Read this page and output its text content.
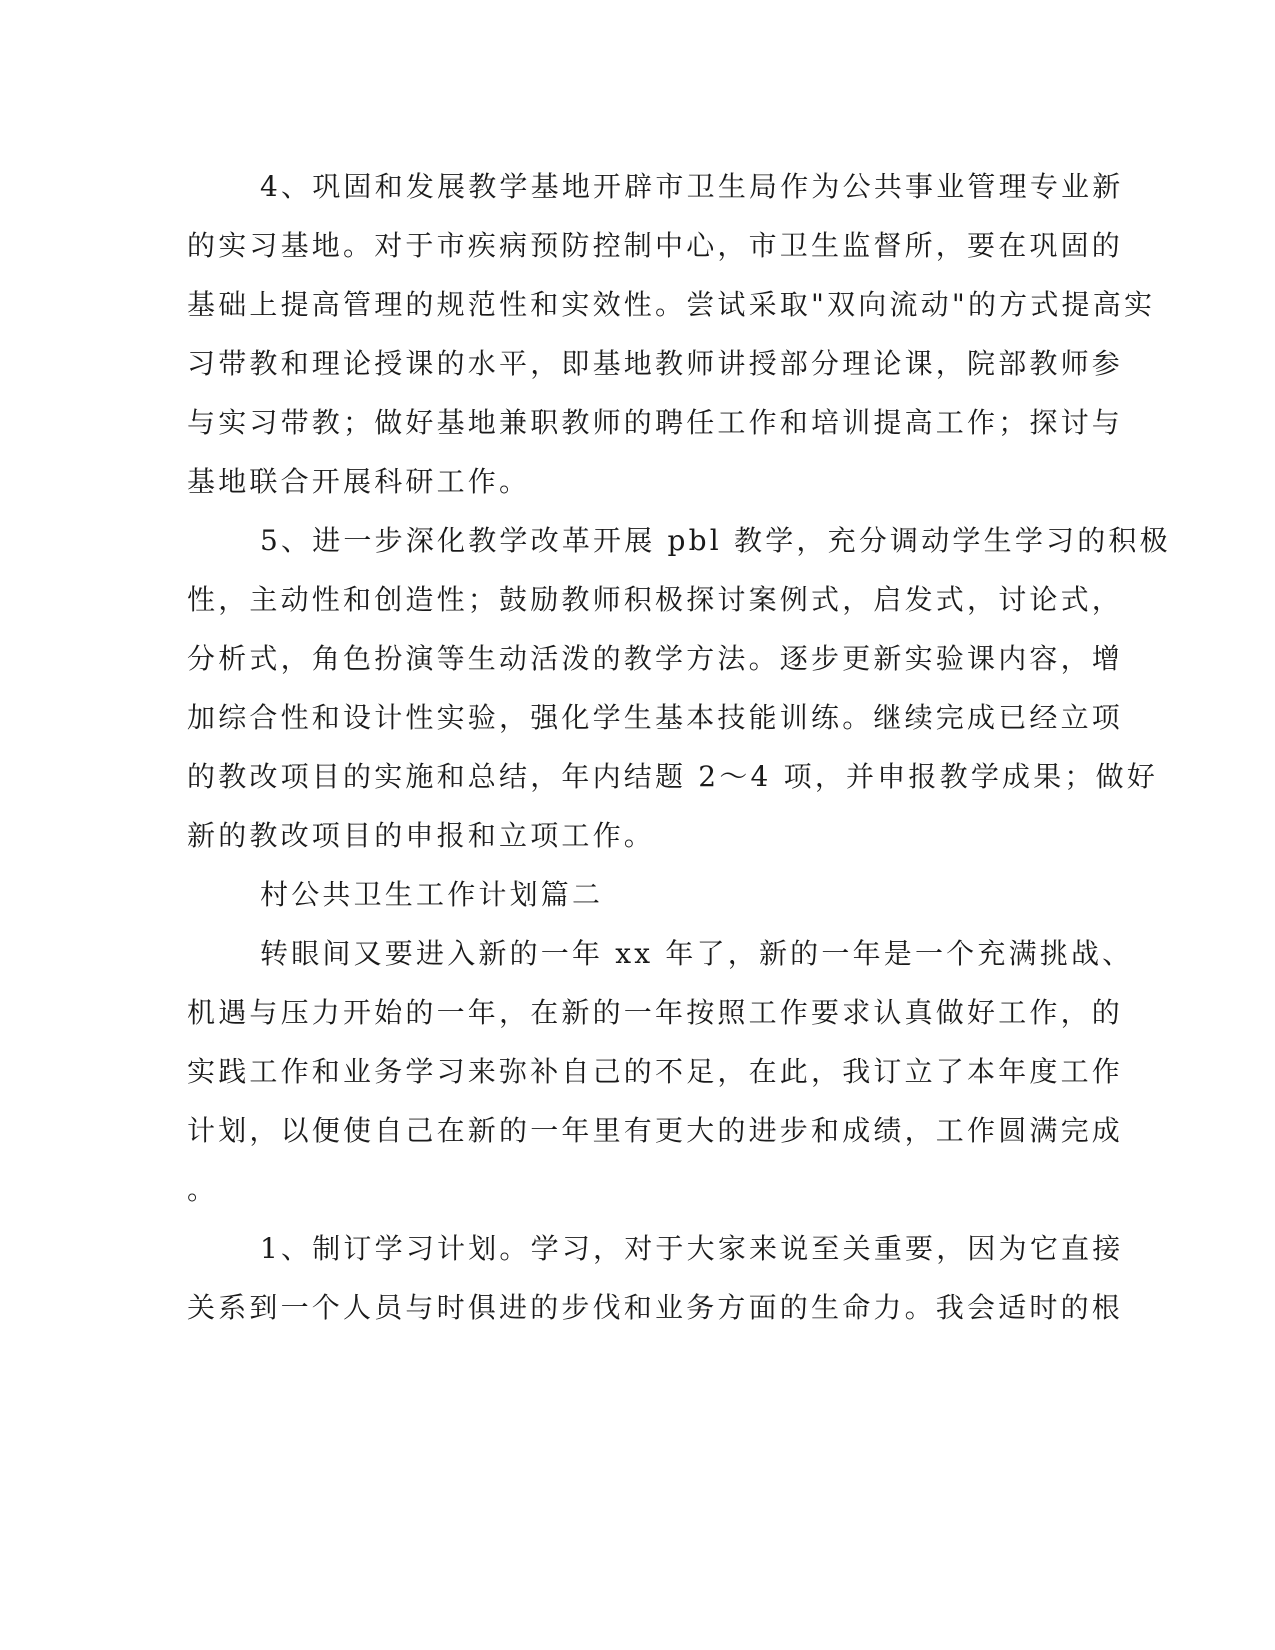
4、巩固和发展教学基地开辟市卫生局作为公共事业管理专业新
的实习基地。对于市疾病预防控制中心，市卫生监督所，要在巩固的
基础上提高管理的规范性和实效性。尝试采取"双向流动"的方式提高实
习带教和理论授课的水平，即基地教师讲授部分理论课，院部教师参
与实习带教；做好基地兼职教师的聘任工作和培训提高工作；探讨与
基地联合开展科研工作。
5、进一步深化教学改革开展 pbl 教学，充分调动学生学习的积极
性，主动性和创造性；鼓励教师积极探讨案例式，启发式，讨论式，
分析式，角色扮演等生动活泼的教学方法。逐步更新实验课内容，增
加综合性和设计性实验，强化学生基本技能训练。继续完成已经立项
的教改项目的实施和总结，年内结题 2～4 项，并申报教学成果；做好
新的教改项目的申报和立项工作。
村公共卫生工作计划篇二
转眼间又要进入新的一年 xx 年了，新的一年是一个充满挑战、
机遇与压力开始的一年，在新的一年按照工作要求认真做好工作，的
实践工作和业务学习来弥补自己的不足，在此，我订立了本年度工作
计划，以便使自己在新的一年里有更大的进步和成绩，工作圆满完成
。
1、制订学习计划。学习，对于大家来说至关重要，因为它直接
关系到一个人员与时俱进的步伐和业务方面的生命力。我会适时的根
